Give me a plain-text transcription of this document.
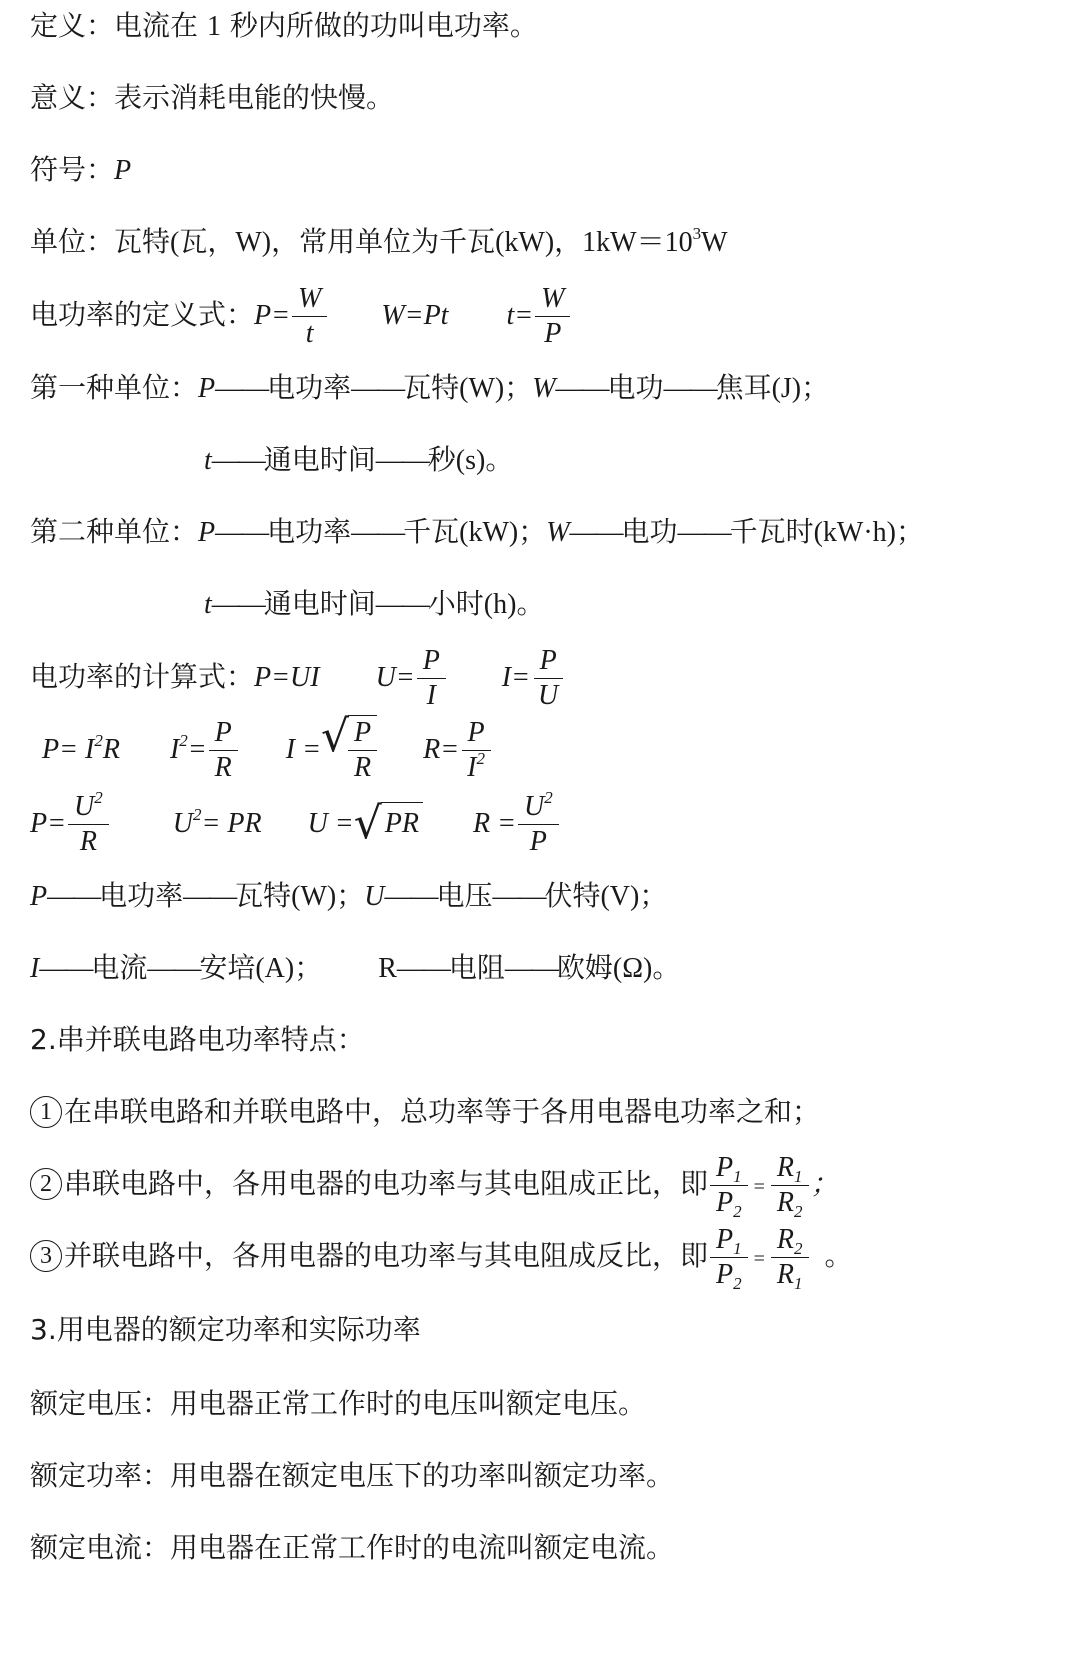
定义：电流在 1 秒内所做的功叫电功率。
意义：表示消耗电能的快慢。
符号：P
单位：瓦特(瓦，W)，常用单位为千瓦(kW)，$1kW=10^3W$
电功率的定义式：$P= \frac{W}{t} W=Pt$ $t= \frac{W}{P}$
第一种单位：P——电功率——瓦特(W)；W——电功——焦耳(J)；
t——通电时间——秒(s)。
第二种单位：P——电功率——千瓦(kW)；W——电功——千瓦时(kW·h)；
t——通电时间——小时(h)。
电功率的计算式：P=UI $U= \frac{P}{I} I= \frac{P}{U}$
$P= I^2R$ $I^2= \frac{P}{R}$ I = √ $\frac{P}{R} R= \frac{P}{I^2}$
$P= \frac{U^2}{R} U^2=$ PR U = √ PR $R = \frac{U^2}{P}$
P——电功率——瓦特(W)；U——电压——伏特(V)；
I——电流——安培(A)； R——电阻——欧姆(Ω)。
2.串并联电路电功率特点：
1 在串联电路和并联电路中，总功率等于各用电器电功率之和；
2 串联电路中，各用电器的电功率与其电阻成正比，即 $\frac{P_1}{P_2} = \frac{R_1}{R_2}$ ；
3 并联电路中，各用电器的电功率与其电阻成反比，即 $\frac{P_1}{P_2} = \frac{R_2}{R_1}$ 。
3.用电器的额定功率和实际功率
额定电压：用电器正常工作时的电压叫额定电压。
额定功率：用电器在额定电压下的功率叫额定功率。
额定电流：用电器在正常工作时的电流叫额定电流。
